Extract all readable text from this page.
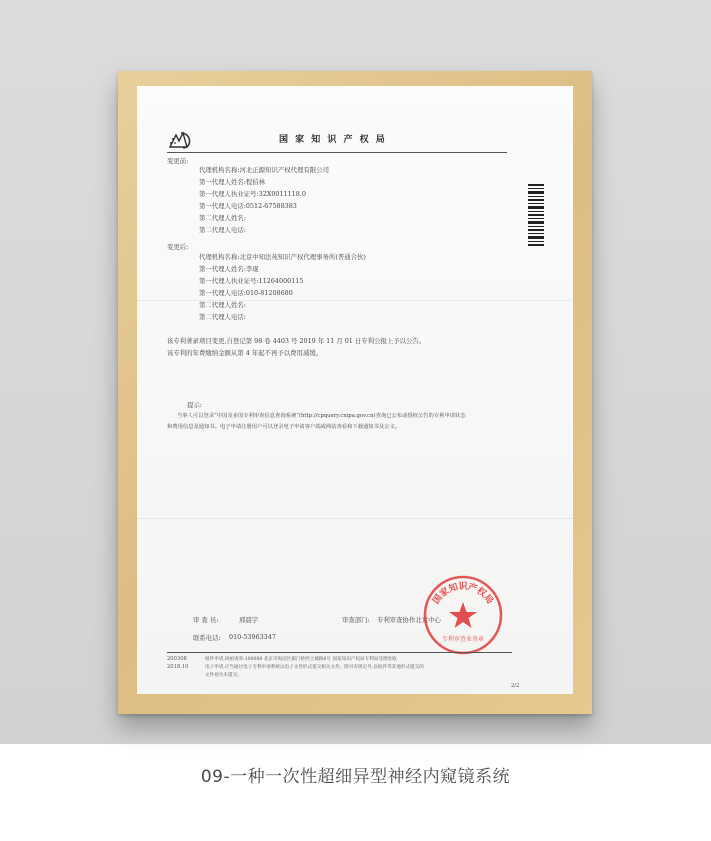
国 家 知 识 产 权 局
变更前:
代理机构名称:河北正源知识产权代理有限公司
第一代理人姓名:程伯林
第一代理人执业证号:32X0011118.0
第一代理人电话:0512-67588383
第二代理人姓名:
第二代理人电话:
变更后:
代理机构名称:北京中知法苑知识产权代理事务所(普通合伙)
第一代理人姓名:李琨
第一代理人执业证号:11264000115
第一代理人电话:010-81208680
第二代理人姓名:
第二代理人电话:
该专利著录项目变更,自登记第 98 卷 4403 号 2019 年 11 月 01 日专利公报上予以公告。
该专利的年费缴纳金额从第 4 年起不再予以费用减缓。
提示:
当事人可以登录“中国及多国专利审查信息查询系统”(http://cpquery.cnipa.gov.cn)查询已公布或授权公告的专利申请状态
和费用信息及通知书。电子申请注册用户可以登录电子申请客户端或网站查看和下载通知书及公文。
审 查 员:	邢晨宇	审查部门: 专利审查协作北京中心
联系电话: 010-53963347
国家知识产权局
专利审查业务章
200308
2018.10
纸件申请,回函请寄:100088 北京市海淀区蓟门桥西土城路6号 国家知识产权局专利局受理处收
电子申请,应当通过电子专利申请系统以电子文件形式提交相关文件。除另有规定外,以纸件等其他形式提交的
文件视为未提交。
2/2
09-一种一次性超细异型神经内窥镜系统
